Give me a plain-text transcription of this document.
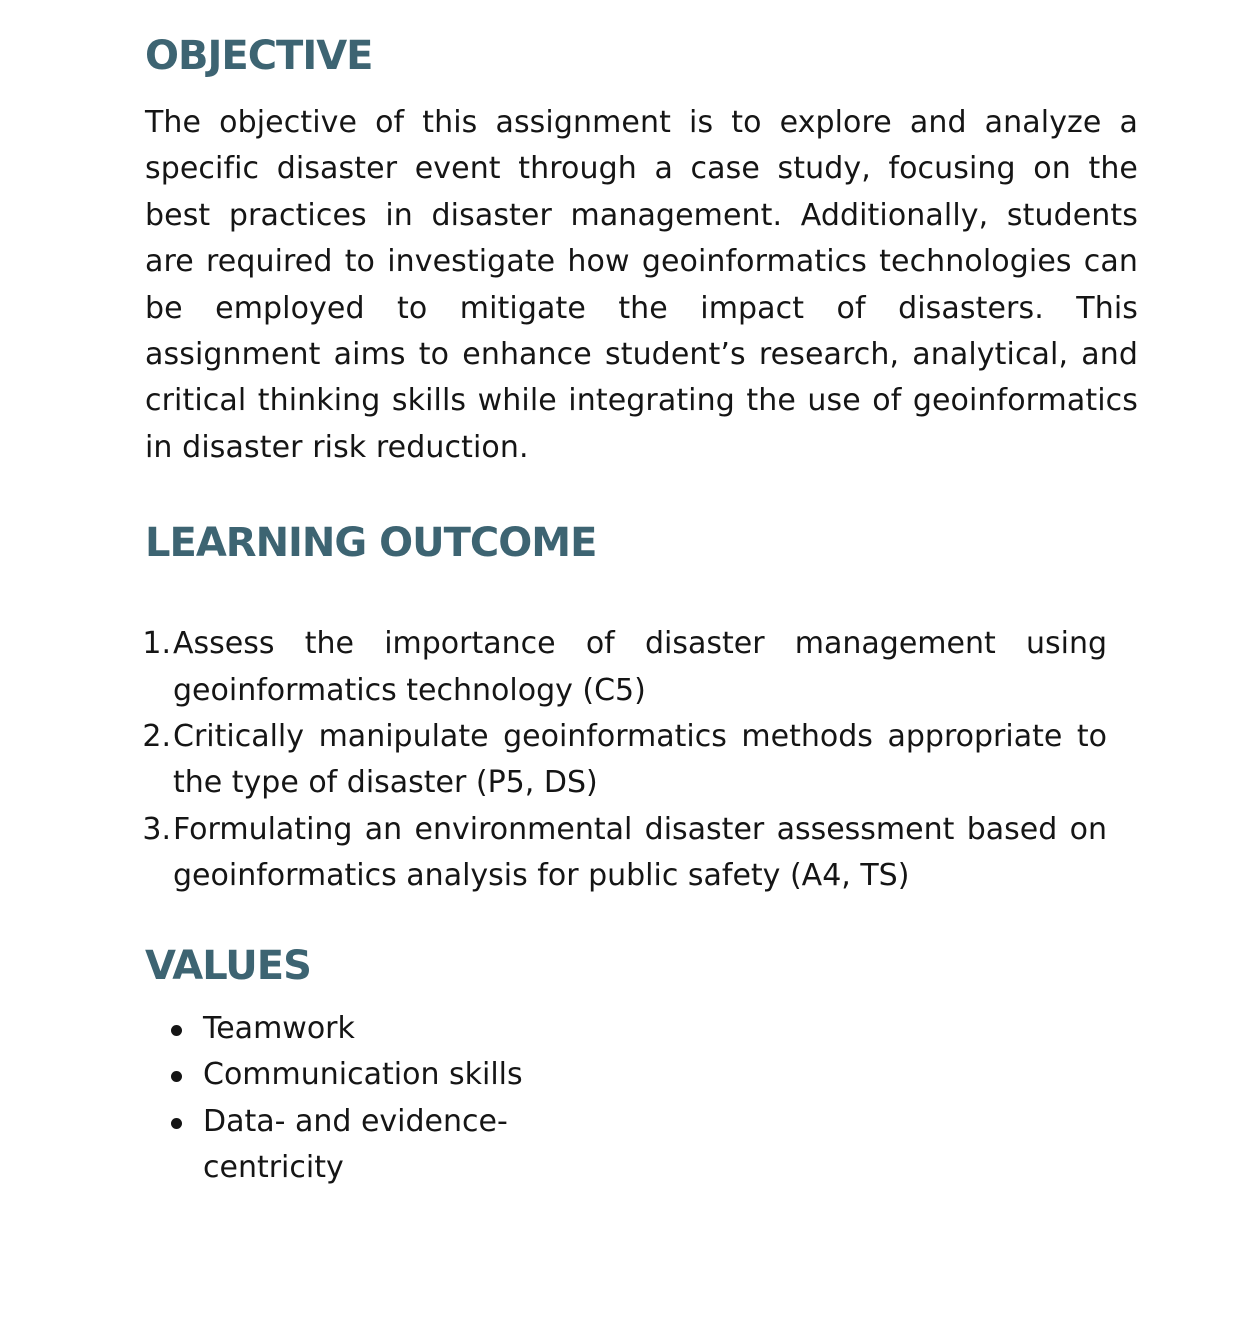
OBJECTIVE

The objective of this assignment is to explore and analyze a specific disaster event through a case study, focusing on the best practices in disaster management. Additionally, students are required to investigate how geoinformatics technologies can be employed to mitigate the impact of disasters. This assignment aims to enhance student’s research, analytical, and critical thinking skills while integrating the use of geoinformatics in disaster risk reduction.

LEARNING OUTCOME
1. Assess the importance of disaster management using geoinformatics technology (C5)
2. Critically manipulate geoinformatics methods appropriate to the type of disaster (P5, DS)
3. Formulating an environmental disaster assessment based on geoinformatics analysis for public safety (A4, TS)
VALUES
Teamwork
Communication skills
Data- and evidence-centricity
